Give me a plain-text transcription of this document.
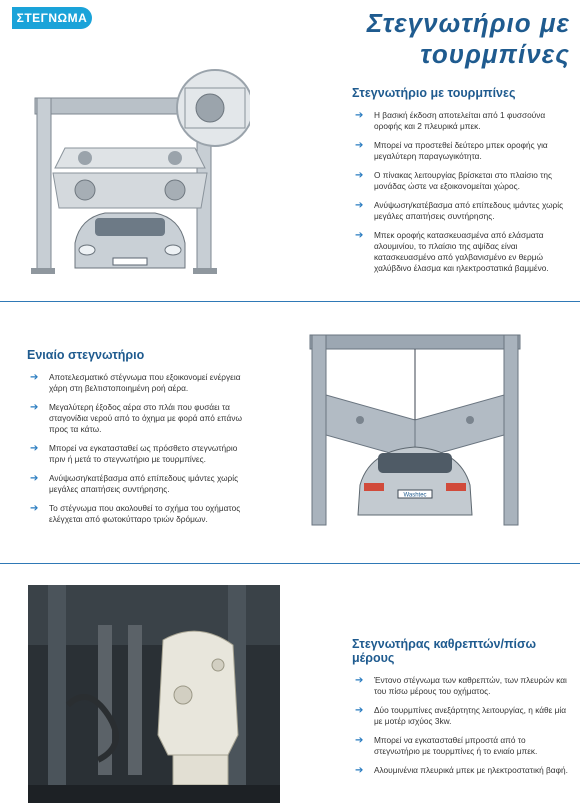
ΣΤΕΓΝΩΜΑ	Στεγνωτήριο με τουρμπίνες
Στεγνωτήριο με τουρμπίνες
➔ Η βασική έκδοση αποτελείται από 1 φυσσούνα οροφής και 2 πλευρικά μπεκ.
➔ Μπορεί να προστεθεί δεύτερο μπεκ οροφής για μεγαλύτερη παραγωγικότητα.
➔ Ο πίνακας λειτουργίας βρίσκεται στο πλαίσιο της μονάδας ώστε να εξοικονομείται χώρος.
➔ Ανύψωση/κατέβασμα από επίπεδους ιμάντες χωρίς μεγάλες απαιτήσεις συντήρησης.
➔ Μπεκ οροφής κατασκευασμένα από ελάσματα αλουμινίου, το πλαίσιο της αψίδας είναι κατασκευασμένο από γαλβανισμένο εν θερμώ χαλύβδινο έλασμα και ηλεκτροστατικά βαμμένο.
Ενιαίο στεγνωτήριο
➔ Αποτελεσματικό στέγνωμα που εξοικονομεί ενέργεια χάρη στη βελτιστοποιημένη ροή αέρα.
➔ Μεγαλύτερη έξοδος αέρα στο πλάι που φυσάει τα σταγονίδια νερού από το όχημα με φορά από επάνω προς τα κάτω.
➔ Μπορεί να εγκατασταθεί ως πρόσθετο στεγνωτήριο πριν ή μετά το στεγνωτήριο με τουρμπίνες.
➔ Ανύψωση/κατέβασμα από επίπεδους ιμάντες χωρίς μεγάλες απαιτήσεις συντήρησης.
➔ Το στέγνωμα που ακολουθεί το σχήμα του οχήματος ελέγχεται από φωτοκύτταρο τριών δρόμων.
Washtec
Στεγνωτήρας καθρεπτών/πίσω μέρους
➔ Έντονο στέγνωμα των καθρεπτών, των πλευρών και του πίσω μέρους του οχήματος.
➔ Δύο τουρμπίνες ανεξάρτητης λειτουργίας, η κάθε μία με μοτέρ ισχύος 3kw.
➔ Μπορεί να εγκατασταθεί μπροστά από το στεγνωτήριο με τουρμπίνες ή το ενιαίο μπεκ.
➔ Αλουμινένια πλευρικά μπεκ με ηλεκτροστατική βαφή.
